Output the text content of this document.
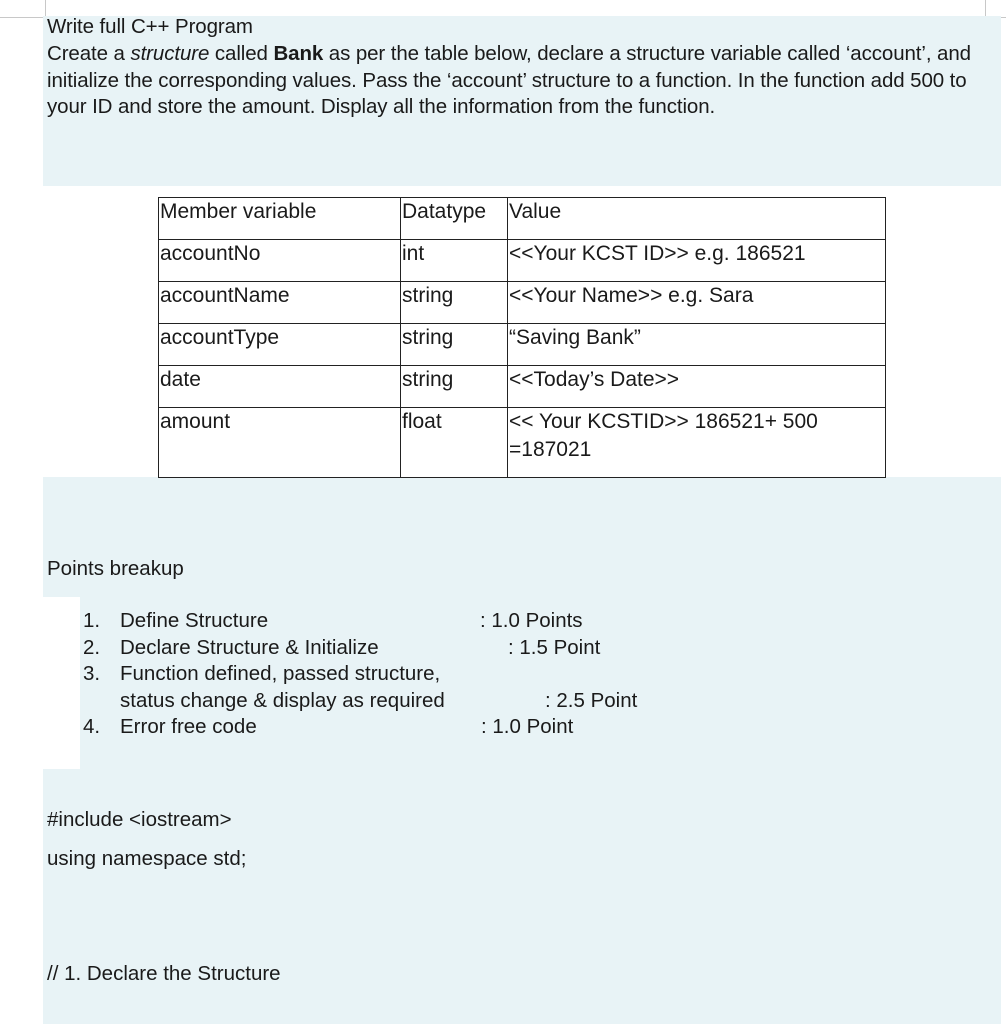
Write full C++ Program

Create a structure called Bank as per the table below, declare a structure variable called ‘account’, and initialize the corresponding values. Pass the ‘account’ structure to a function. In the function add 500 to your ID and store the amount. Display all the information from the function.

Member variable	Datatype	Value
accountNo	int	<<Your KCST ID>> e.g. 186521
accountName	string	<<Your Name>> e.g. Sara
accountType	string	“Saving Bank”
date	string	<<Today’s Date>>
amount	float	<< Your KCSTID>> 186521+ 500 =187021
Points breakup
1. Define Structure	: 1.0 Points
2. Declare Structure & Initialize	: 1.5 Point
3. Function defined, passed structure,
status change & display as required	: 2.5 Point
4. Error free code	: 1.0 Point
#include <iostream>
using namespace std;
// 1. Declare the Structure
